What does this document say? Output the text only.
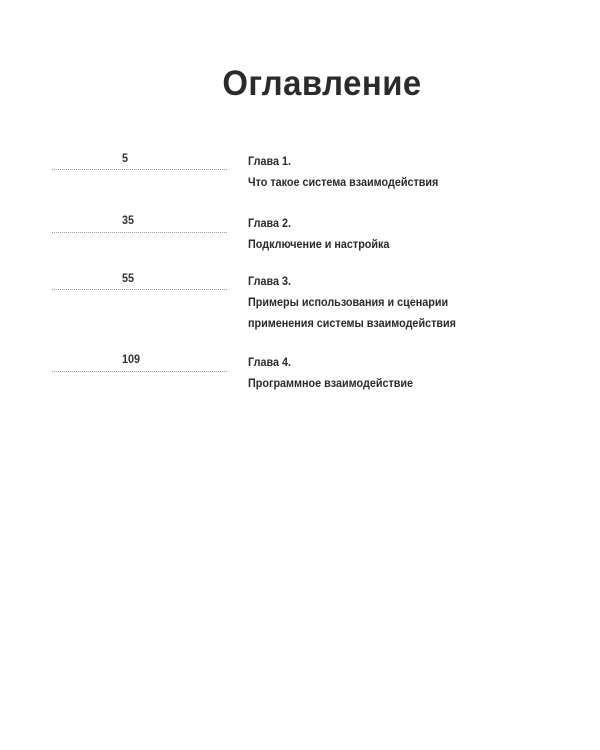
Оглавление
5	Глава 1.
Что такое система взаимодействия
35	Глава 2.
Подключение и настройка
55	Глава 3.
Примеры использования и сценарии
применения системы взаимодействия
109	Глава 4.
Программное взаимодействие
